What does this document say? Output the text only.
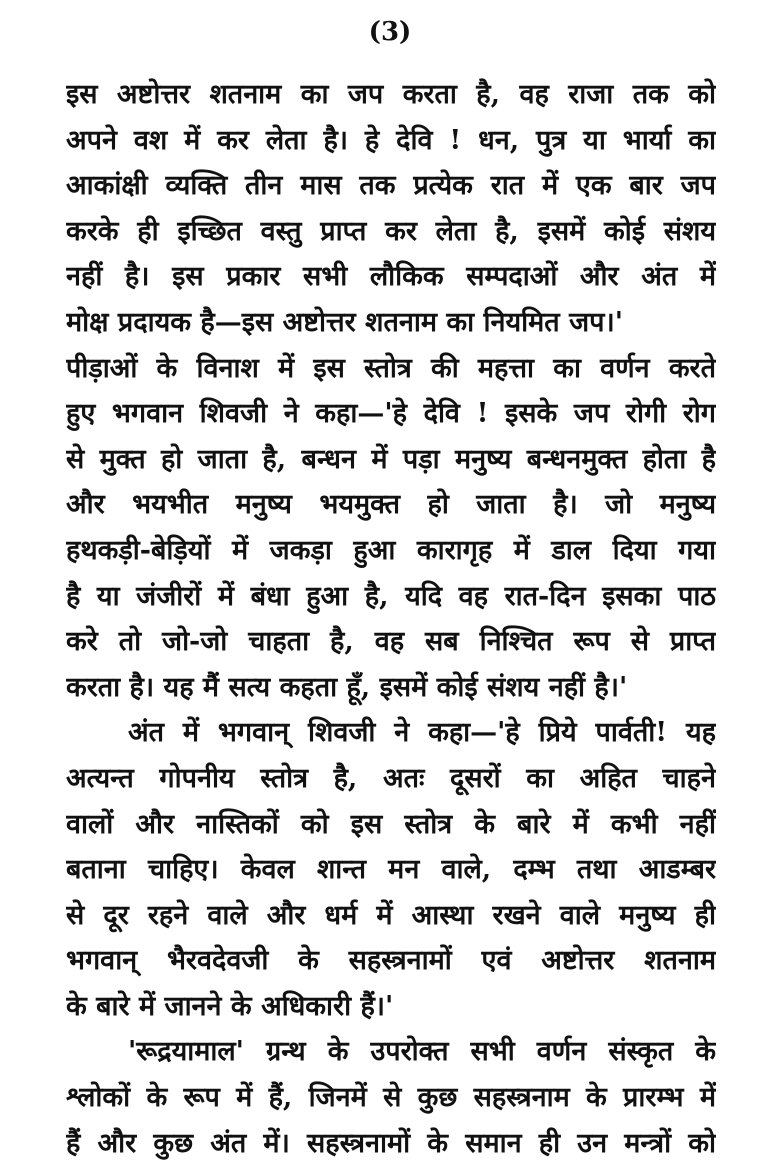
(3)
इस अष्टोत्तर शतनाम का जप करता है, वह राजा तक को
अपने वश में कर लेता है। हे देवि ! धन, पुत्र या भार्या का
आकांक्षी व्यक्ति तीन मास तक प्रत्येक रात में एक बार जप
करके ही इच्छित वस्तु प्राप्त कर लेता है, इसमें कोई संशय
नहीं है। इस प्रकार सभी लौकिक सम्पदाओं और अंत में
मोक्ष प्रदायक है—इस अष्टोत्तर शतनाम का नियमित जप।'
पीड़ाओं के विनाश में इस स्तोत्र की महत्ता का वर्णन करते
हुए भगवान शिवजी ने कहा—'हे देवि ! इसके जप रोगी रोग
से मुक्त हो जाता है, बन्धन में पड़ा मनुष्य बन्धनमुक्त होता है
और भयभीत मनुष्य भयमुक्त हो जाता है। जो मनुष्य
हथकड़ी-बेड़ियों में जकड़ा हुआ कारागृह में डाल दिया गया
है या जंजीरों में बंधा हुआ है, यदि वह रात-दिन इसका पाठ
करे तो जो-जो चाहता है, वह सब निश्चित रूप से प्राप्त
करता है। यह मैं सत्य कहता हूँ, इसमें कोई संशय नहीं है।'
अंत में भगवान् शिवजी ने कहा—'हे प्रिये पार्वती! यह
अत्यन्त गोपनीय स्तोत्र है, अतः दूसरों का अहित चाहने
वालों और नास्तिकों को इस स्तोत्र के बारे में कभी नहीं
बताना चाहिए। केवल शान्त मन वाले, दम्भ तथा आडम्बर
से दूर रहने वाले और धर्म में आस्था रखने वाले मनुष्य ही
भगवान् भैरवदेवजी के सहस्त्रनामों एवं अष्टोत्तर शतनाम
के बारे में जानने के अधिकारी हैं।'
'रूद्रयामाल' ग्रन्थ के उपरोक्त सभी वर्णन संस्कृत के
श्लोकों के रूप में हैं, जिनमें से कुछ सहस्त्रनाम के प्रारम्भ में
हैं और कुछ अंत में। सहस्त्रनामों के समान ही उन मन्त्रों को
